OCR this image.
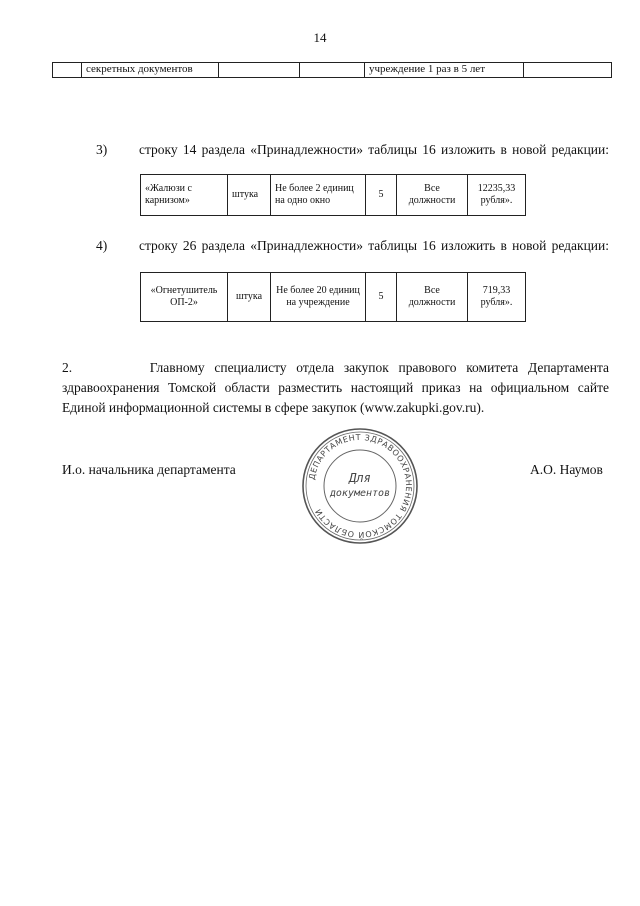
14
	секретных документов			учреждение 1 раз в 5 лет	
3) строку 14 раздела «Принадлежности» таблицы 16 изложить в новой редакции:
«Жалюзи с карнизом»	штука	Не более 2 единиц на одно окно	5	Все должности	12235,33 рубля».
4) строку 26 раздела «Принадлежности» таблицы 16 изложить в новой редакции:
«Огнетушитель ОП-2»	штука	Не более 20 единиц на учреждение	5	Все должности	719,33 рубля».
2.        Главному специалисту отдела закупок правового комитета Департамента
здравоохранения Томской области разместить настоящий приказ на официальном сайте
Единой информационной системы в сфере закупок (www.zakupki.gov.ru).
И.о. начальника департамента	А.О. Наумов
ДЕПАРТАМЕНТ ЗДРАВООХРАНЕНИЯ ТОМСКОЙ ОБЛАСТИ
Для
документов
